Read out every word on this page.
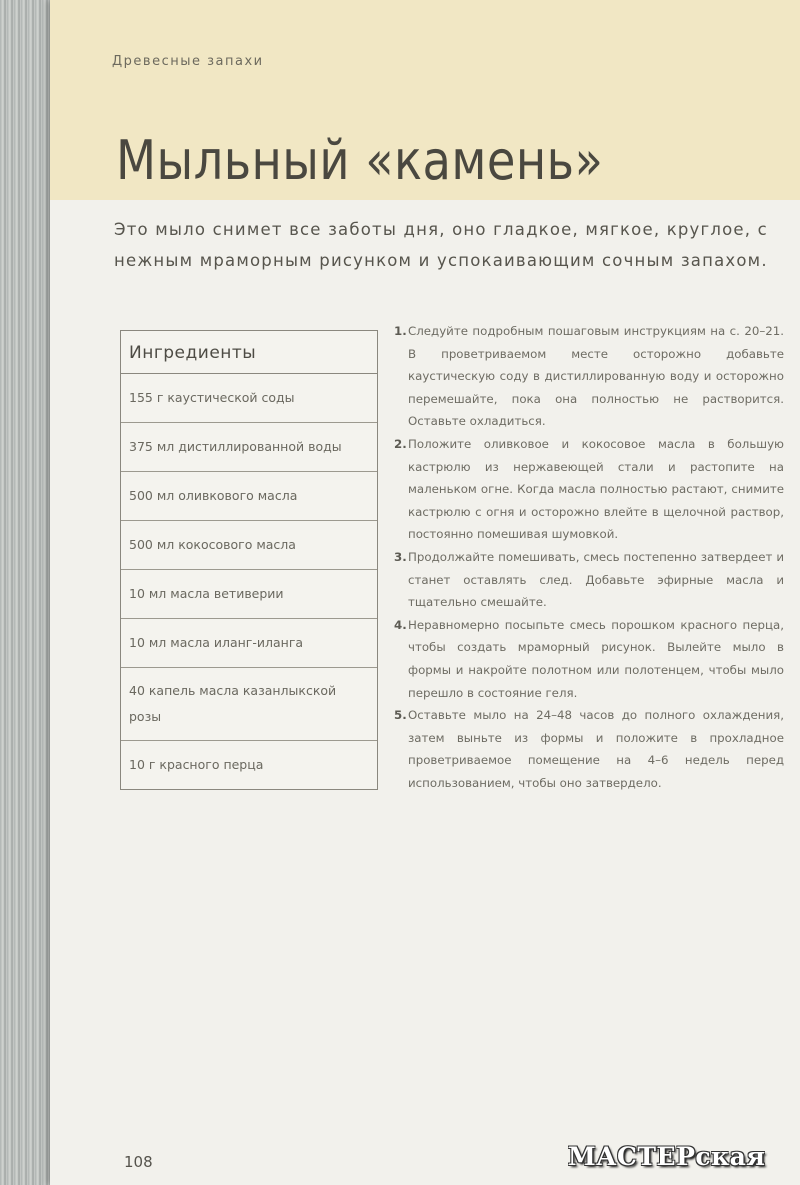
Древесные запахи
Мыльный «камень»

Это мыло снимет все заботы дня, оно гладкое, мягкое, круглое, с нежным мраморным рисунком и успокаивающим сочным запахом.

Ингредиенты
155 г каустической соды
375 мл дистиллированной воды
500 мл оливкового масла
500 мл кокосового масла
10 мл масла ветиверии
10 мл масла иланг-иланга
40 капель масла казанлыкской розы
10 г красного перца
1. Следуйте подробным пошаговым инструкциям на с. 20–21. В проветриваемом месте осторожно добавьте каустическую соду в дистиллированную воду и осторожно перемешайте, пока она полностью не растворится. Оставьте охладиться.
2. Положите оливковое и кокосовое масла в большую кастрюлю из нержавеющей стали и растопите на маленьком огне. Когда масла полностью растают, снимите кастрюлю с огня и осторожно влейте в щелочной раствор, постоянно помешивая шумовкой.
3. Продолжайте помешивать, смесь постепенно затвердеет и станет оставлять след. Добавьте эфирные масла и тщательно смешайте.
4. Неравномерно посыпьте смесь порошком красного перца, чтобы создать мраморный рисунок. Вылейте мыло в формы и накройте полотном или полотенцем, чтобы мыло перешло в состояние геля.
5. Оставьте мыло на 24–48 часов до полного охлаждения, затем выньте из формы и положите в прохладное проветриваемое помещение на 4–6 недель перед использованием, чтобы оно затвердело.
108	МАСТЕРская
